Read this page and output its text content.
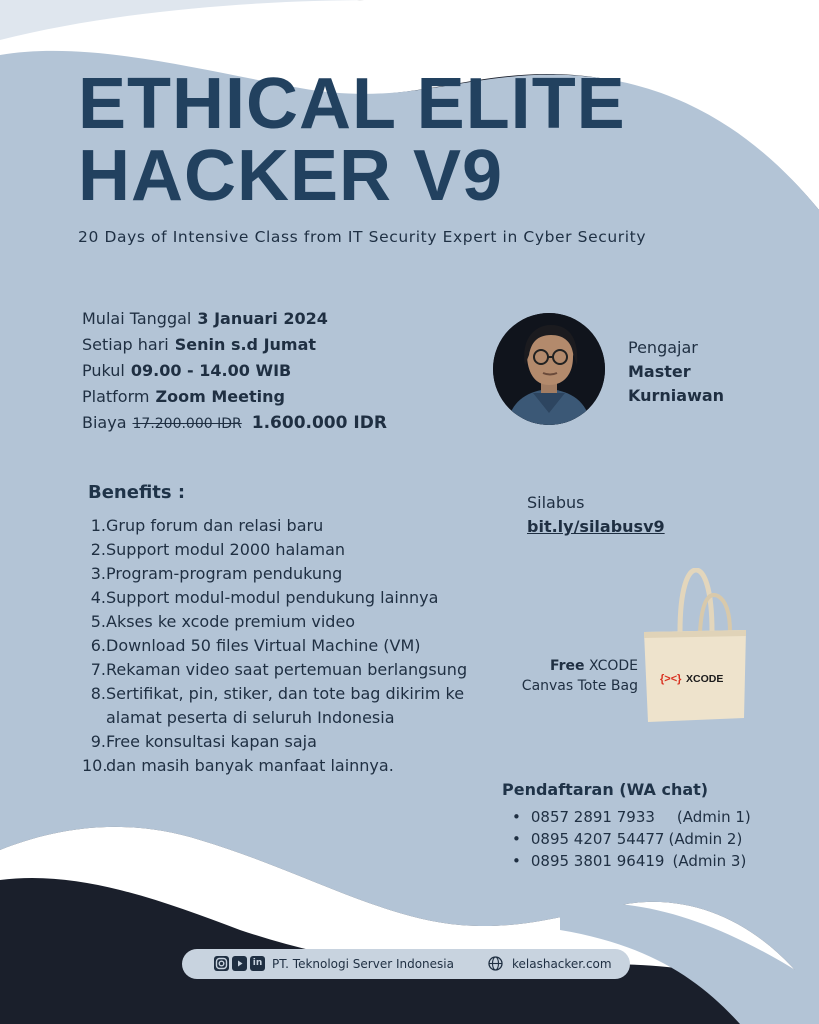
ETHICAL ELITE
HACKER V9
20 Days of Intensive Class from IT Security Expert in Cyber Security
Mulai Tanggal 3 Januari 2024
Setiap hari Senin s.d Jumat
Pukul 09.00 - 14.00 WIB
Platform Zoom Meeting
Biaya 17.200.000 IDR 1.600.000 IDR
Pengajar
Master
Kurniawan
Benefits :
1. Grup forum dan relasi baru
2. Support modul 2000 halaman
3. Program-program pendukung
4. Support modul-modul pendukung lainnya
5. Akses ke xcode premium video
6. Download 50 files Virtual Machine (VM)
7. Rekaman video saat pertemuan berlangsung
8. Sertifikat, pin, stiker, dan tote bag dikirim ke alamat peserta di seluruh Indonesia
9. Free konsultasi kapan saja
10.
dan masih banyak manfaat lainnya.
Silabus
bit.ly/silabusv9
Free XCODE
Canvas Tote Bag {><} XCODE
Pendaftaran (WA chat)
• 0857 2891 7933 (Admin 1)
• 0895 4207 54477 (Admin 2)
• 0895 3801 96419 (Admin 3)
in PT. Teknologi Server Indonesia	kelashacker.com
